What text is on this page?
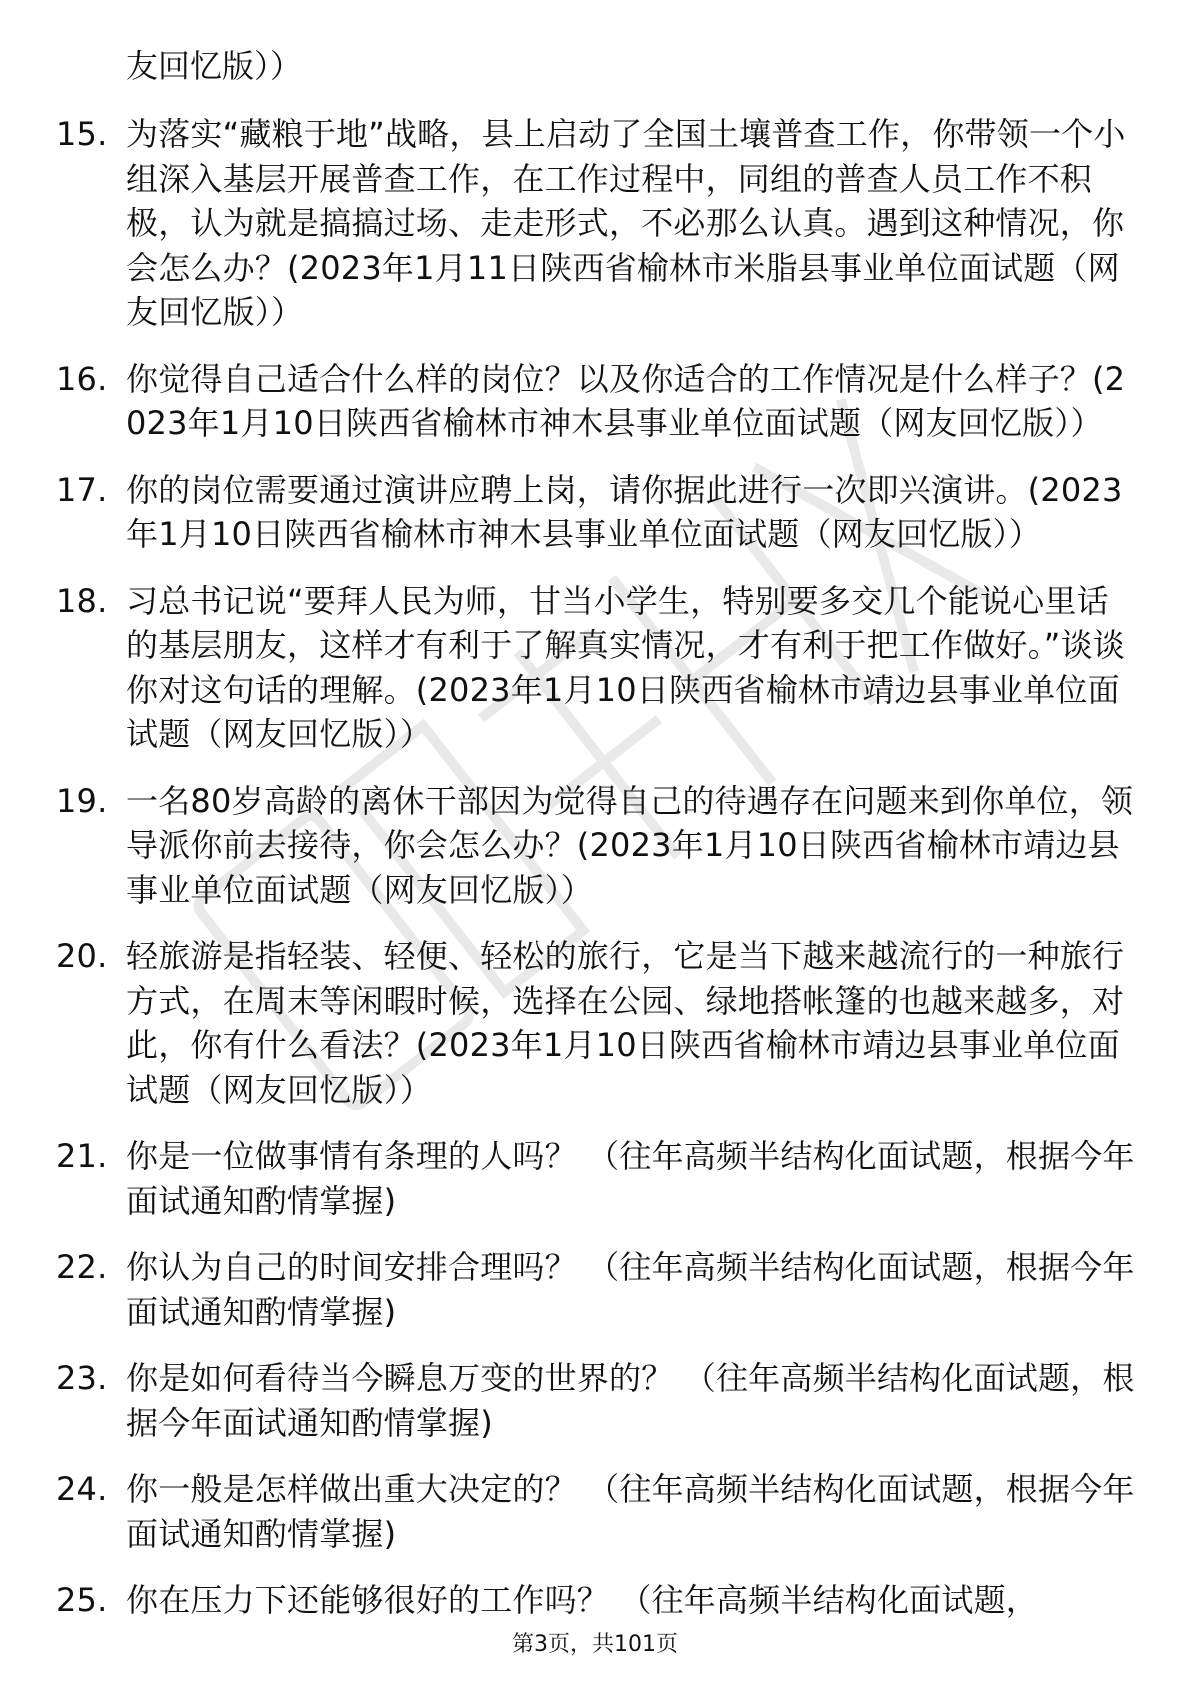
友回忆版））

15. 为落实“藏粮于地”战略，县上启动了全国土壤普查工作，你带领一个小组深入基层开展普查工作，在工作过程中，同组的普查人员工作不积极，认为就是搞搞过场、走走形式，不必那么认真。遇到这种情况，你会怎么办？(2023年1月11日陕西省榆林市米脂县事业单位面试题（网友回忆版））
16. 你觉得自己适合什么样的岗位？以及你适合的工作情况是什么样子？(2023年1月10日陕西省榆林市神木县事业单位面试题（网友回忆版））
17. 你的岗位需要通过演讲应聘上岗，请你据此进行一次即兴演讲。(2023年1月10日陕西省榆林市神木县事业单位面试题（网友回忆版））
18. 习总书记说“要拜人民为师，甘当小学生，特别要多交几个能说心里话的基层朋友，这样才有利于了解真实情况，才有利于把工作做好。”谈谈你对这句话的理解。(2023年1月10日陕西省榆林市靖边县事业单位面试题（网友回忆版））
19. 一名80岁高龄的离休干部因为觉得自己的待遇存在问题来到你单位，领导派你前去接待，你会怎么办？(2023年1月10日陕西省榆林市靖边县事业单位面试题（网友回忆版））
20. 轻旅游是指轻装、轻便、轻松的旅行，它是当下越来越流行的一种旅行方式，在周末等闲暇时候，选择在公园、绿地搭帐篷的也越来越多，对此，你有什么看法？(2023年1月10日陕西省榆林市靖边县事业单位面试题（网友回忆版））
21. 你是一位做事情有条理的人吗？ （往年高频半结构化面试题，根据今年面试通知酌情掌握)
22. 你认为自己的时间安排合理吗？ （往年高频半结构化面试题，根据今年面试通知酌情掌握)
23. 你是如何看待当今瞬息万变的世界的？ （往年高频半结构化面试题，根据今年面试通知酌情掌握)
24. 你一般是怎样做出重大决定的？ （往年高频半结构化面试题，根据今年面试通知酌情掌握)
25. 你在压力下还能够很好的工作吗？ （往年高频半结构化面试题，
第3页，共101页
